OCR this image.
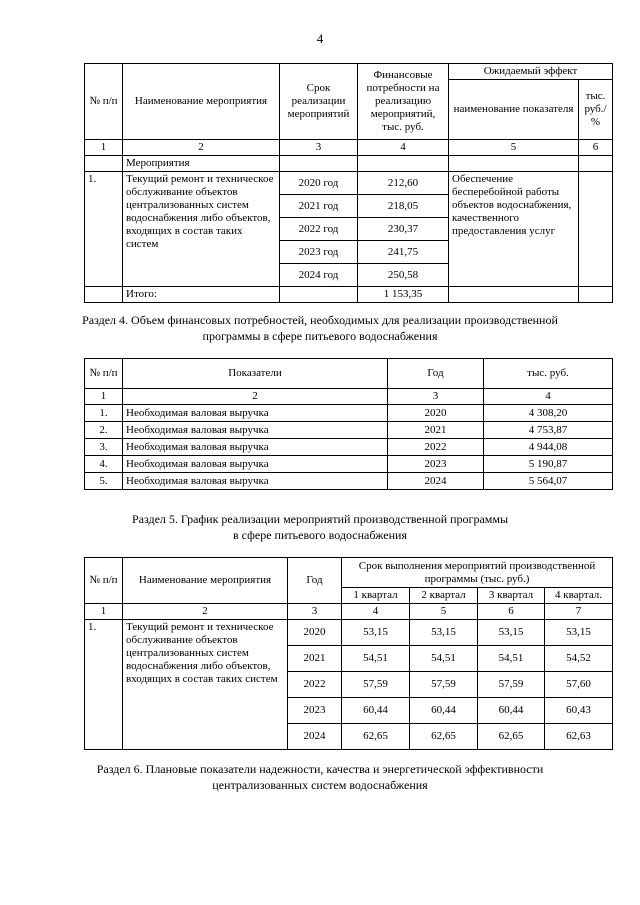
4
№ п/п	Наименование мероприятия	Срок реализации мероприятий	Финансовые потребности на реализацию мероприятий, тыс. руб.	Ожидаемый эффект	
				наименование показателя	тыс. руб./ %
1	2	3	4	5	6
	Мероприятия				
1.	Текущий ремонт и техническое обслуживание объектов централизованных систем водоснабжения либо объектов, входящих в состав таких систем	2020 год	212,60	Обеспечение бесперебойной работы объектов водоснабжения, качественного предоставления услуг	
		2021 год	218,05		
		2022 год	230,37		
		2023 год	241,75		
		2024 год	250,58		
	Итого:		1 153,35		
Раздел 4. Объем финансовых потребностей, необходимых для реализации производственной
программы в сфере питьевого водоснабжения
№ п/п	Показатели	Год	тыс. руб.
1	2	3	4
1.	Необходимая валовая выручка	2020	4 308,20
2.	Необходимая валовая выручка	2021	4 753,87
3.	Необходимая валовая выручка	2022	4 944,08
4.	Необходимая валовая выручка	2023	5 190,87
5.	Необходимая валовая выручка	2024	5 564,07
Раздел 5. График реализации мероприятий производственной программы
в сфере питьевого водоснабжения
№ п/п	Наименование мероприятия	Год	Срок выполнения мероприятий производственной программы (тыс. руб.)			
			1 квартал	2 квартал	3 квартал	4 квартал.
1	2	3	4	5	6	7
1.	Текущий ремонт и техническое обслуживание объектов централизованных систем водоснабжения либо объектов, входящих в состав таких систем	2020	53,15	53,15	53,15	53,15
		2021	54,51	54,51	54,51	54,52
		2022	57,59	57,59	57,59	57,60
		2023	60,44	60,44	60,44	60,43
		2024	62,65	62,65	62,65	62,63
Раздел 6. Плановые показатели надежности, качества и энергетической эффективности
централизованных систем водоснабжения
